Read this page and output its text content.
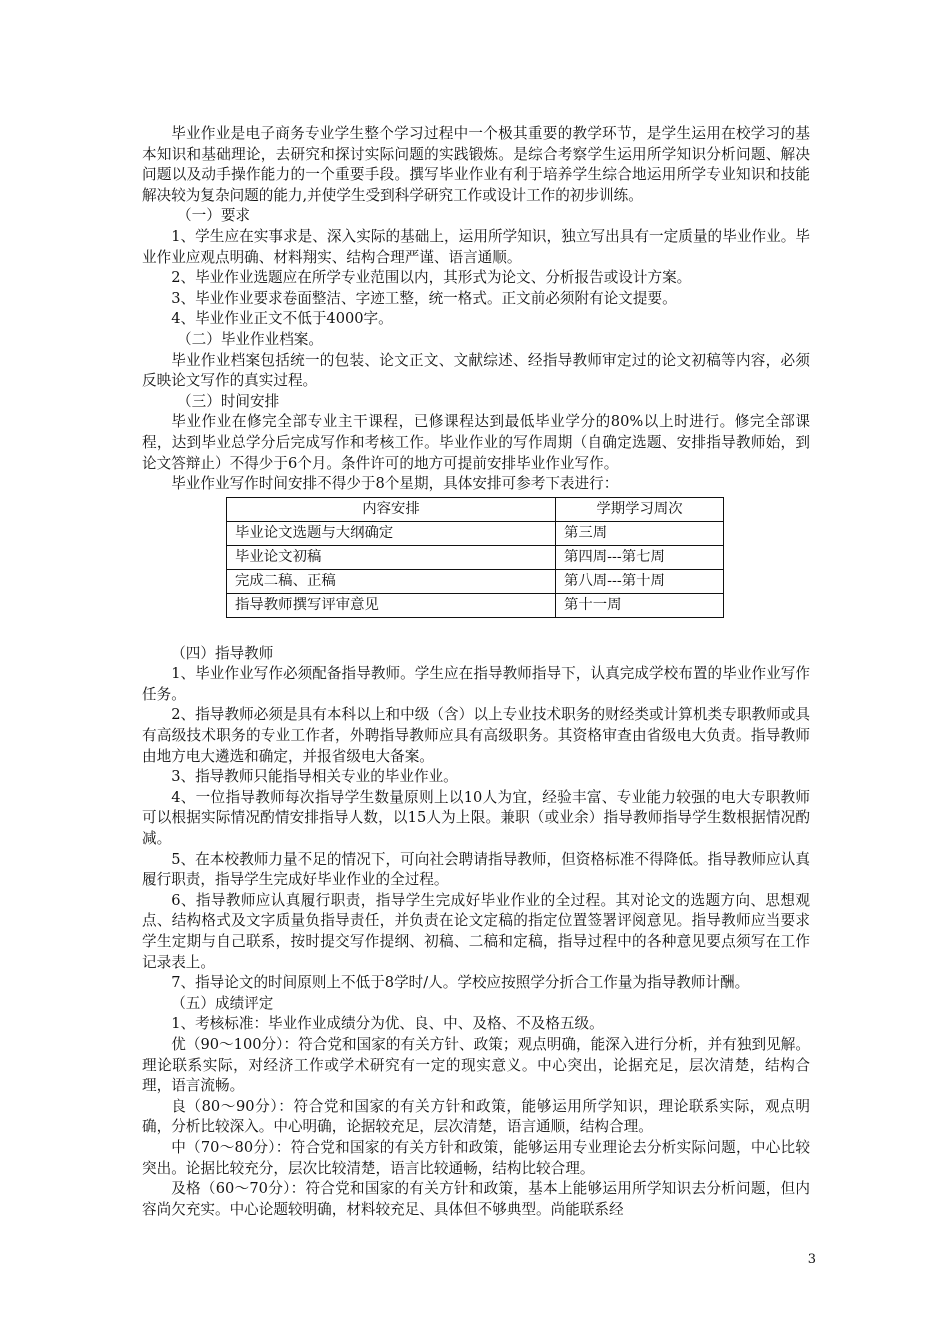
毕业作业是电子商务专业学生整个学习过程中一个极其重要的教学环节，是学生运用在校学习的基本知识和基础理论，去研究和探讨实际问题的实践锻炼。是综合考察学生运用所学知识分析问题、解决问题以及动手操作能力的一个重要手段。撰写毕业作业有利于培养学生综合地运用所学专业知识和技能解决较为复杂问题的能力,并使学生受到科学研究工作或设计工作的初步训练。

（一）要求

1、学生应在实事求是、深入实际的基础上，运用所学知识，独立写出具有一定质量的毕业作业。毕业作业应观点明确、材料翔实、结构合理严谨、语言通顺。

2、毕业作业选题应在所学专业范围以内，其形式为论文、分析报告或设计方案。

3、毕业作业要求卷面整洁、字迹工整，统一格式。正文前必须附有论文提要。

4、毕业作业正文不低于4000字。

（二）毕业作业档案。

毕业作业档案包括统一的包装、论文正文、文献综述、经指导教师审定过的论文初稿等内容，必须反映论文写作的真实过程。

（三）时间安排

毕业作业在修完全部专业主干课程，已修课程达到最低毕业学分的80%以上时进行。修完全部课程，达到毕业总学分后完成写作和考核工作。毕业作业的写作周期（自确定选题、安排指导教师始，到论文答辩止）不得少于6个月。条件许可的地方可提前安排毕业作业写作。

毕业作业写作时间安排不得少于8个星期，具体安排可参考下表进行：

内容安排	学期学习周次
毕业论文选题与大纲确定	第三周
毕业论文初稿	第四周---第七周
完成二稿、正稿	第八周---第十周
指导教师撰写评审意见	第十一周

（四）指导教师

1、毕业作业写作必须配备指导教师。学生应在指导教师指导下，认真完成学校布置的毕业作业写作任务。

2、指导教师必须是具有本科以上和中级（含）以上专业技术职务的财经类或计算机类专职教师或具有高级技术职务的专业工作者，外聘指导教师应具有高级职务。其资格审查由省级电大负责。指导教师由地方电大遴选和确定，并报省级电大备案。

3、指导教师只能指导相关专业的毕业作业。

4、一位指导教师每次指导学生数量原则上以10人为宜，经验丰富、专业能力较强的电大专职教师可以根据实际情况酌情安排指导人数，以15人为上限。兼职（或业余）指导教师指导学生数根据情况酌减。

5、在本校教师力量不足的情况下，可向社会聘请指导教师，但资格标准不得降低。指导教师应认真履行职责，指导学生完成好毕业作业的全过程。

6、指导教师应认真履行职责，指导学生完成好毕业作业的全过程。其对论文的选题方向、思想观点、结构格式及文字质量负指导责任，并负责在论文定稿的指定位置签署评阅意见。指导教师应当要求学生定期与自己联系，按时提交写作提纲、初稿、二稿和定稿，指导过程中的各种意见要点须写在工作记录表上。

7、指导论文的时间原则上不低于8学时/人。学校应按照学分折合工作量为指导教师计酬。

（五）成绩评定

1、考核标准：毕业作业成绩分为优、良、中、及格、不及格五级。

优（90～100分）：符合党和国家的有关方针、政策；观点明确，能深入进行分析，并有独到见解。理论联系实际，对经济工作或学术研究有一定的现实意义。中心突出，论据充足，层次清楚，结构合理，语言流畅。

良（80～90分）：符合党和国家的有关方针和政策，能够运用所学知识，理论联系实际，观点明确，分析比较深入。中心明确，论据较充足，层次清楚，语言通顺，结构合理。

中（70～80分）：符合党和国家的有关方针和政策，能够运用专业理论去分析实际问题，中心比较突出。论据比较充分，层次比较清楚，语言比较通畅，结构比较合理。

及格（60～70分）：符合党和国家的有关方针和政策，基本上能够运用所学知识去分析问题，但内容尚欠充实。中心论题较明确，材料较充足、具体但不够典型。尚能联系经

3
